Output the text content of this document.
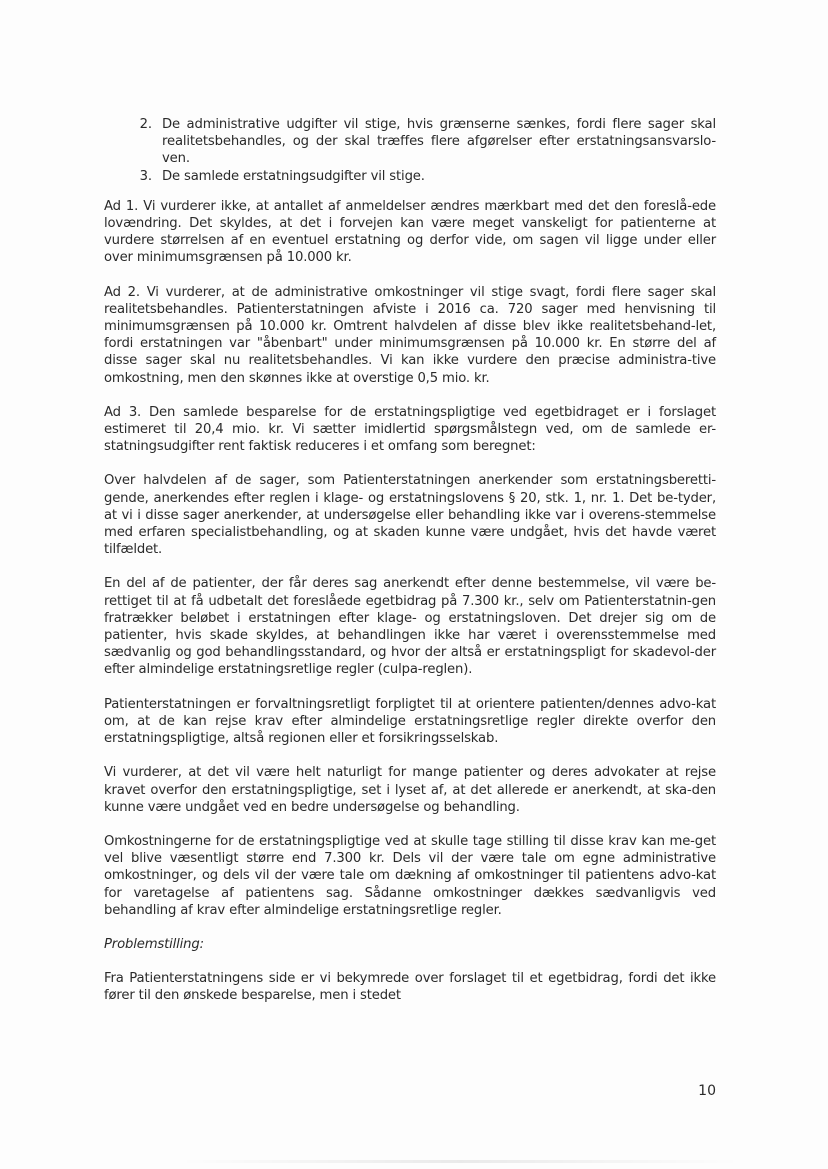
2. De administrative udgifter vil stige, hvis grænserne sænkes, fordi flere sager skal realitetsbehandles, og der skal træffes flere afgørelser efter erstatningsansvarslo-ven.
3. De samlede erstatningsudgifter vil stige.

Ad 1. Vi vurderer ikke, at antallet af anmeldelser ændres mærkbart med det den foreslå-ede lovændring. Det skyldes, at det i forvejen kan være meget vanskeligt for patienterne at vurdere størrelsen af en eventuel erstatning og derfor vide, om sagen vil ligge under eller over minimumsgrænsen på 10.000 kr.

Ad 2. Vi vurderer, at de administrative omkostninger vil stige svagt, fordi flere sager skal realitetsbehandles. Patienterstatningen afviste i 2016 ca. 720 sager med henvisning til minimumsgrænsen på 10.000 kr. Omtrent halvdelen af disse blev ikke realitetsbehand-let, fordi erstatningen var "åbenbart" under minimumsgrænsen på 10.000 kr. En større del af disse sager skal nu realitetsbehandles. Vi kan ikke vurdere den præcise administra-tive omkostning, men den skønnes ikke at overstige 0,5 mio. kr.

Ad 3. Den samlede besparelse for de erstatningspligtige ved egetbidraget er i forslaget estimeret til 20,4 mio. kr. Vi sætter imidlertid spørgsmålstegn ved, om de samlede er-statningsudgifter rent faktisk reduceres i et omfang som beregnet:

Over halvdelen af de sager, som Patienterstatningen anerkender som erstatningsberetti-gende, anerkendes efter reglen i klage- og erstatningslovens § 20, stk. 1, nr. 1. Det be-tyder, at vi i disse sager anerkender, at undersøgelse eller behandling ikke var i overens-stemmelse med erfaren specialistbehandling, og at skaden kunne være undgået, hvis det havde været tilfældet.

En del af de patienter, der får deres sag anerkendt efter denne bestemmelse, vil være be-rettiget til at få udbetalt det foreslåede egetbidrag på 7.300 kr., selv om Patienterstatnin-gen fratrækker beløbet i erstatningen efter klage- og erstatningsloven. Det drejer sig om de patienter, hvis skade skyldes, at behandlingen ikke har været i overensstemmelse med sædvanlig og god behandlingsstandard, og hvor der altså er erstatningspligt for skadevol-der efter almindelige erstatningsretlige regler (culpa-reglen).

Patienterstatningen er forvaltningsretligt forpligtet til at orientere patienten/dennes advo-kat om, at de kan rejse krav efter almindelige erstatningsretlige regler direkte overfor den erstatningspligtige, altså regionen eller et forsikringsselskab.

Vi vurderer, at det vil være helt naturligt for mange patienter og deres advokater at rejse kravet overfor den erstatningspligtige, set i lyset af, at det allerede er anerkendt, at ska-den kunne være undgået ved en bedre undersøgelse og behandling.

Omkostningerne for de erstatningspligtige ved at skulle tage stilling til disse krav kan me-get vel blive væsentligt større end 7.300 kr. Dels vil der være tale om egne administrative omkostninger, og dels vil der være tale om dækning af omkostninger til patientens advo-kat for varetagelse af patientens sag. Sådanne omkostninger dækkes sædvanligvis ved behandling af krav efter almindelige erstatningsretlige regler.

Problemstilling:

Fra Patienterstatningens side er vi bekymrede over forslaget til et egetbidrag, fordi det ikke fører til den ønskede besparelse, men i stedet

10
